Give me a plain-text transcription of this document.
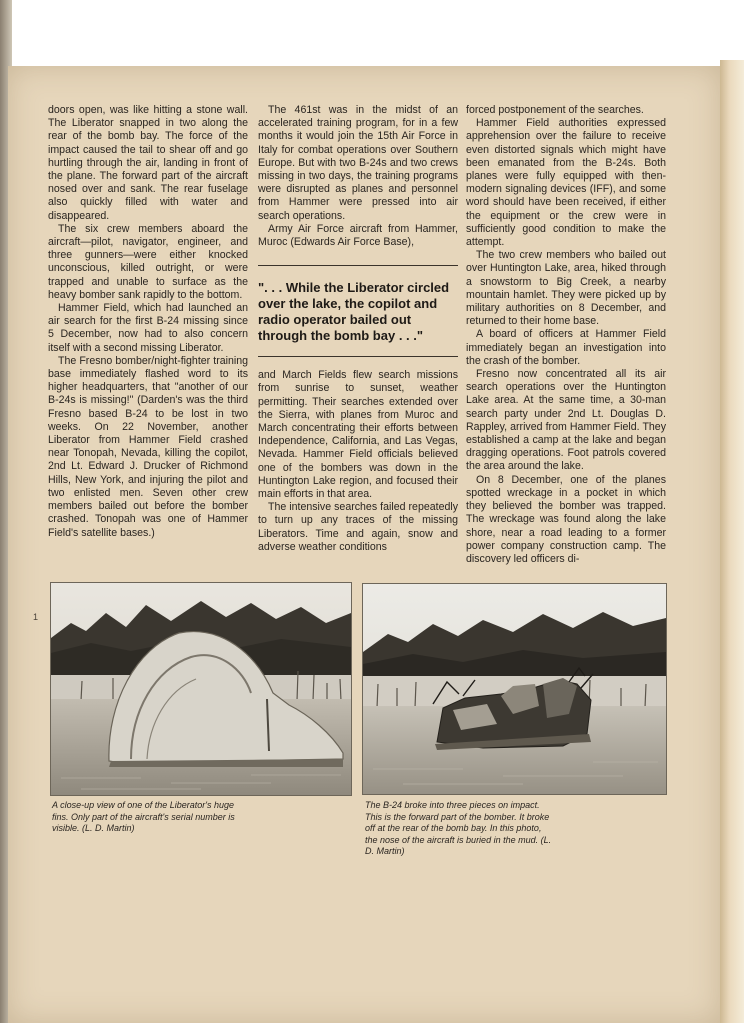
doors open, was like hitting a stone wall. The Liberator snapped in two along the rear of the bomb bay. The force of the impact caused the tail to shear off and go hurtling through the air, landing in front of the plane. The forward part of the aircraft nosed over and sank. The rear fuselage also quickly filled with water and disappeared.

The six crew members aboard the aircraft—pilot, navigator, engineer, and three gunners—were either knocked unconscious, killed outright, or were trapped and unable to surface as the heavy bomber sank rapidly to the bottom.

Hammer Field, which had launched an air search for the first B-24 missing since 5 December, now had to also concern itself with a second missing Liberator.

The Fresno bomber/night-fighter training base immediately flashed word to its higher headquarters, that "another of our B-24s is missing!" (Darden's was the third Fresno based B-24 to be lost in two weeks. On 22 November, another Liberator from Hammer Field crashed near Tonopah, Nevada, killing the copilot, 2nd Lt. Edward J. Drucker of Richmond Hills, New York, and injuring the pilot and two enlisted men. Seven other crew members bailed out before the bomber crashed. Tonopah was one of Hammer Field's satellite bases.)

The 461st was in the midst of an accelerated training program, for in a few months it would join the 15th Air Force in Italy for combat operations over Southern Europe. But with two B-24s and two crews missing in two days, the training programs were disrupted as planes and personnel from Hammer were pressed into air search operations.

Army Air Force aircraft from Hammer, Muroc (Edwards Air Force Base),

". . . While the Liberator circled over the lake, the copilot and radio operator bailed out through the bomb bay . . ."

and March Fields flew search missions from sunrise to sunset, weather permitting. Their searches extended over the Sierra, with planes from Muroc and March concentrating their efforts between Independence, California, and Las Vegas, Nevada. Hammer Field officials believed one of the bombers was down in the Huntington Lake region, and focused their main efforts in that area.

The intensive searches failed repeatedly to turn up any traces of the missing Liberators. Time and again, snow and adverse weather conditions

forced postponement of the searches.

Hammer Field authorities expressed apprehension over the failure to receive even distorted signals which might have been emanated from the B-24s. Both planes were fully equipped with then-modern signaling devices (IFF), and some word should have been received, if either the equipment or the crew were in sufficiently good condition to make the attempt.

The two crew members who bailed out over Huntington Lake, area, hiked through a snowstorm to Big Creek, a nearby mountain hamlet. They were picked up by military authorities on 8 December, and returned to their home base.

A board of officers at Hammer Field immediately began an investigation into the crash of the bomber.

Fresno now concentrated all its air search operations over the Huntington Lake area. At the same time, a 30-man search party under 2nd Lt. Douglas D. Rappley, arrived from Hammer Field. They established a camp at the lake and began dragging operations. Foot patrols covered the area around the lake.

On 8 December, one of the planes spotted wreckage in a pocket in which they believed the bomber was trapped. The wreckage was found along the lake shore, near a road leading to a former power company construction camp. The discovery led officers di-

1
A close-up view of one of the Liberator's huge fins. Only part of the aircraft's serial number is visible. (L. D. Martin)
The B-24 broke into three pieces on impact. This is the forward part of the bomber. It broke off at the rear of the bomb bay. In this photo, the nose of the aircraft is buried in the mud. (L. D. Martin)
